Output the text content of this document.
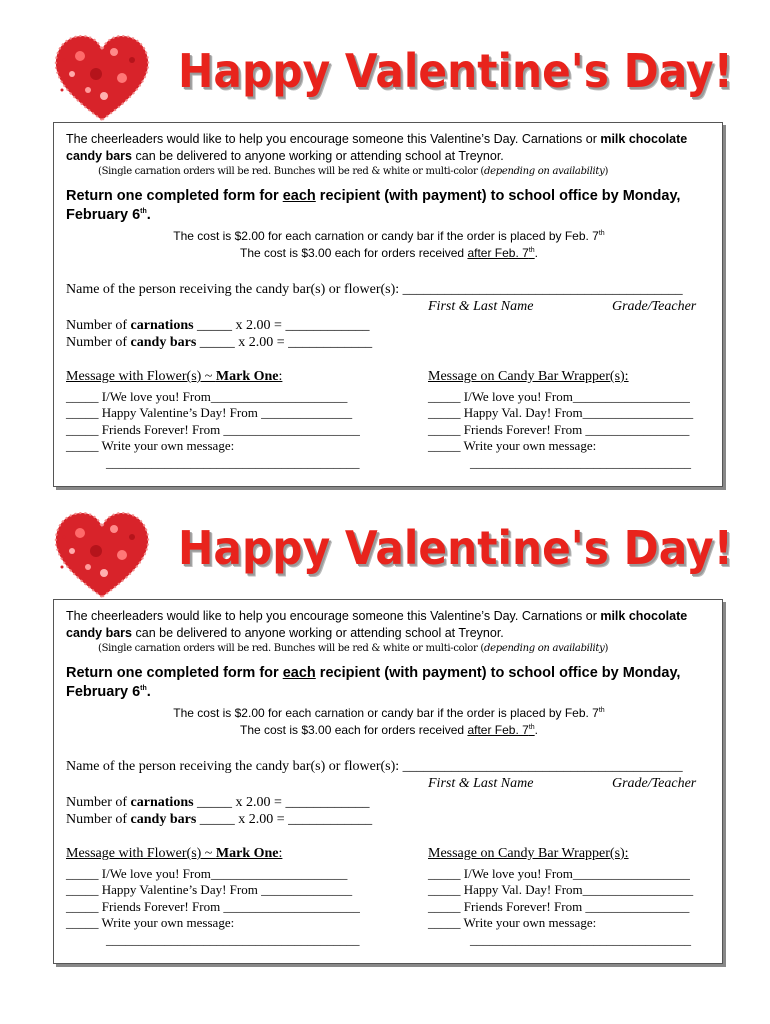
Happy Valentine's Day!
The cheerleaders would like to help you encourage someone this Valentine’s Day. Carnations or milk chocolate candy bars can be delivered to anyone working or attending school at Treynor.
(Single carnation orders will be red. Bunches will be red & white or multi-color (depending on availability)
Return one completed form for each recipient (with payment) to school office by Monday, February 6th.
The cost is $2.00 for each carnation or candy bar if the order is placed by Feb. 7th
The cost is $3.00 each for orders received after Feb. 7th.
Name of the person receiving the candy bar(s) or flower(s): ________________________________________
First & Last Name	Grade/Teacher
Number of carnations _____ x 2.00 = ____________
Number of candy bars _____ x 2.00 = ____________
Message with Flower(s) ~ Mark One:
_____ I/We love you! From_____________________
_____ Happy Valentine’s Day! From ______________
_____ Friends Forever! From _____________________
_____ Write your own message:
_______________________________________
Message on Candy Bar Wrapper(s):
_____ I/We love you! From__________________
_____ Happy Val. Day! From_________________
_____ Friends Forever! From ________________
_____ Write your own message:
__________________________________
Happy Valentine's Day!
The cheerleaders would like to help you encourage someone this Valentine’s Day. Carnations or milk chocolate candy bars can be delivered to anyone working or attending school at Treynor.
(Single carnation orders will be red. Bunches will be red & white or multi-color (depending on availability)
Return one completed form for each recipient (with payment) to school office by Monday, February 6th.
The cost is $2.00 for each carnation or candy bar if the order is placed by Feb. 7th
The cost is $3.00 each for orders received after Feb. 7th.
Name of the person receiving the candy bar(s) or flower(s): ________________________________________
First & Last Name	Grade/Teacher
Number of carnations _____ x 2.00 = ____________
Number of candy bars _____ x 2.00 = ____________
Message with Flower(s) ~ Mark One:
_____ I/We love you! From_____________________
_____ Happy Valentine’s Day! From ______________
_____ Friends Forever! From _____________________
_____ Write your own message:
_______________________________________
Message on Candy Bar Wrapper(s):
_____ I/We love you! From__________________
_____ Happy Val. Day! From_________________
_____ Friends Forever! From ________________
_____ Write your own message:
__________________________________
